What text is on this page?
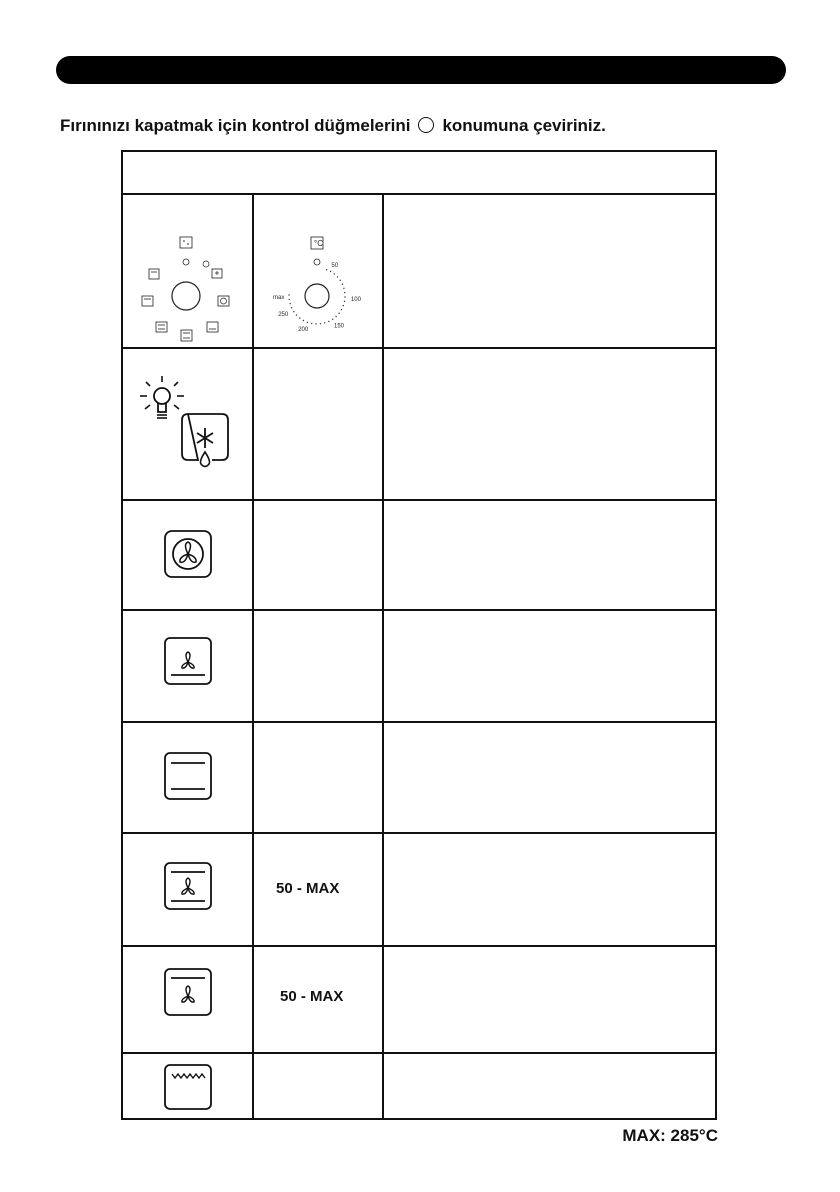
Fırınınızı kapatmak için kontrol düğmelerini konumuna çeviriniz.
°C
50
100
150
200
250
max
50 - MAX
50 - MAX
MAX: 285°C
